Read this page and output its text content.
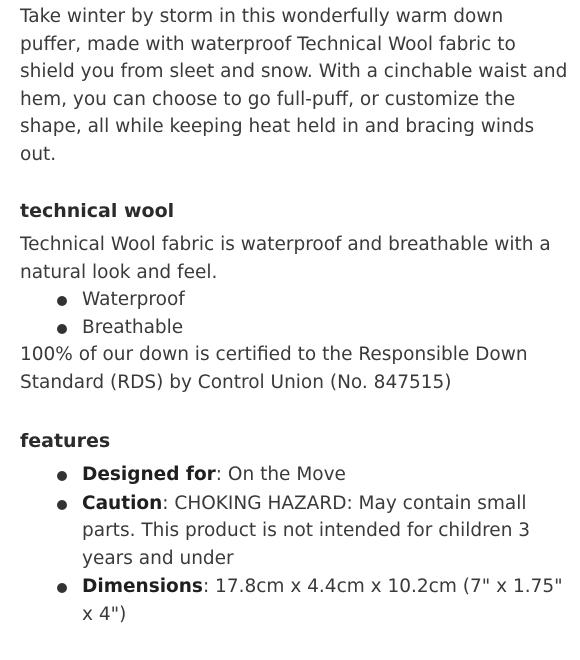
Take winter by storm in this wonderfully warm down puffer, made with waterproof Technical Wool fabric to shield you from sleet and snow. With a cinchable waist and hem, you can choose to go full-puff, or customize the shape, all while keeping heat held in and bracing winds out.

technical wool

Technical Wool fabric is waterproof and breathable with a natural look and feel.

Waterproof
Breathable

100% of our down is certified to the Responsible Down Standard (RDS) by Control Union (No. 847515)

features
Designed for: On the Move
Caution: CHOKING HAZARD: May contain small parts. This product is not intended for children 3 years and under
Dimensions: 17.8cm x 4.4cm x 10.2cm (7" x 1.75" x 4")
